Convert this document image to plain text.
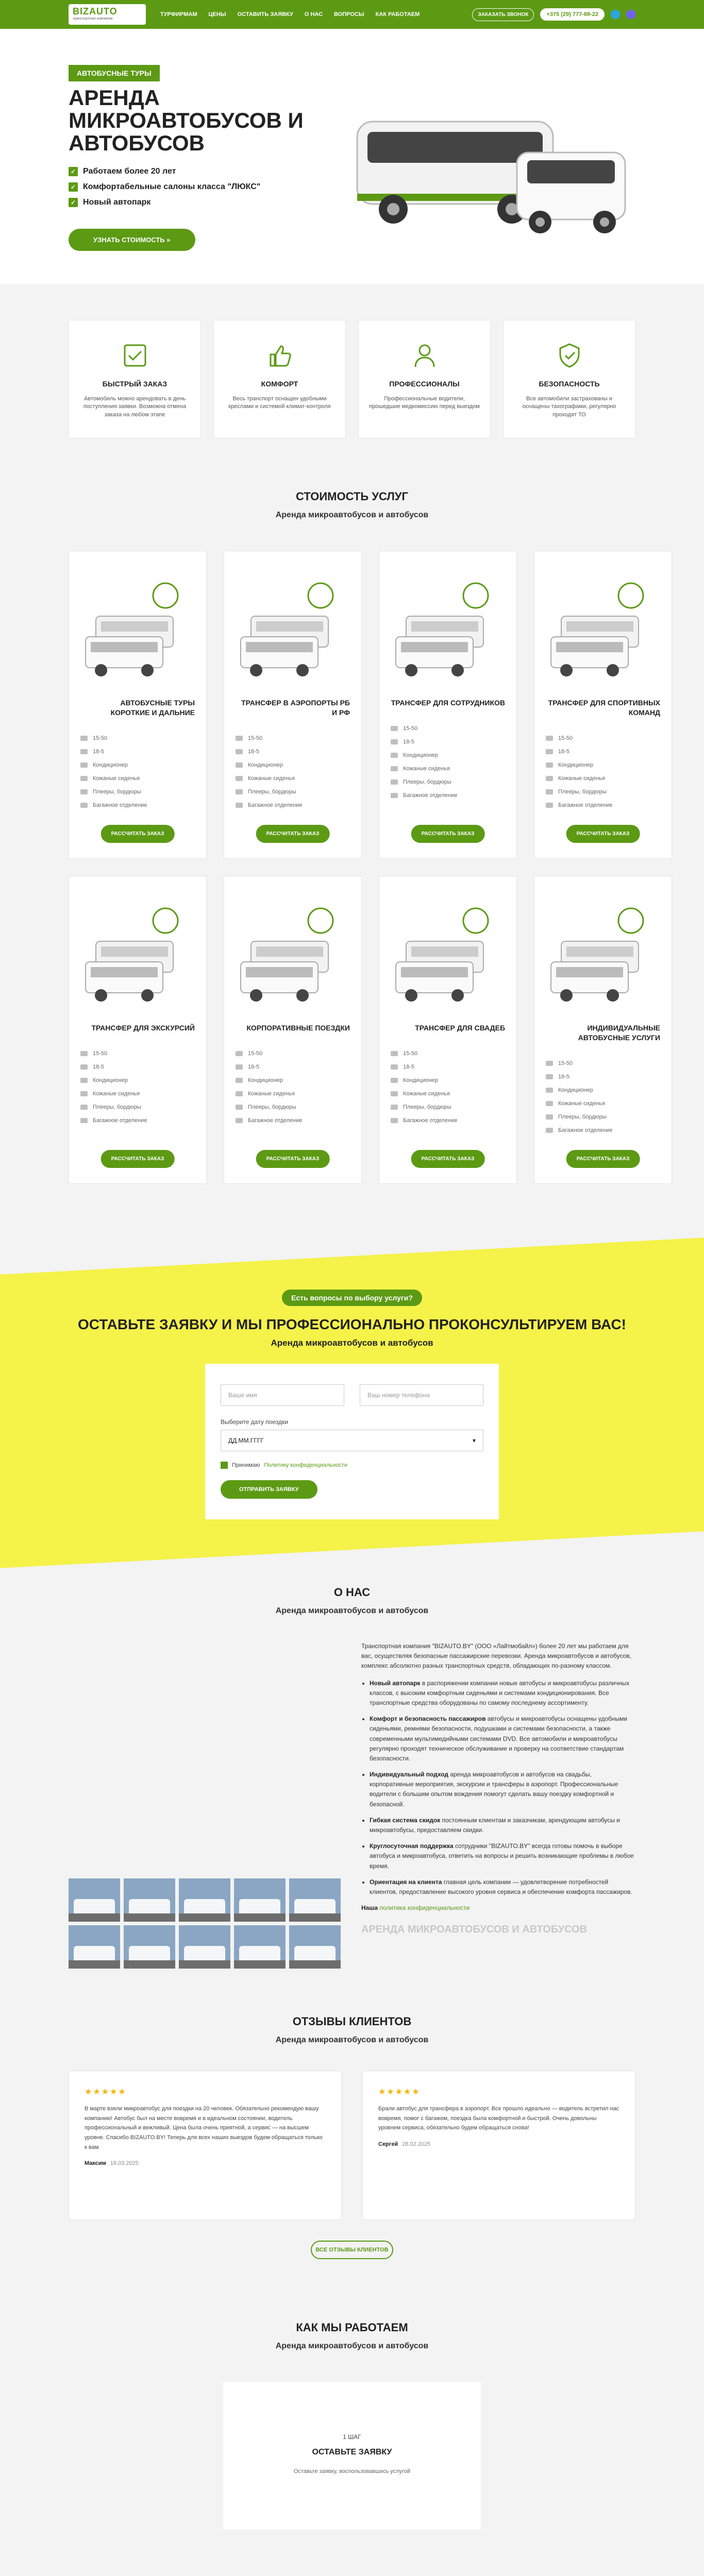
BIZAUTO
транспортная компания
ТУРФИРМАМ ЦЕНЫ ОСТАВИТЬ ЗАЯВКУ О НАС ВОПРОСЫ КАК РАБОТАЕМ	ЗАКАЗАТЬ ЗВОНОК	+375 (29) 777-88-22
АВТОБУСНЫЕ ТУРЫ
АРЕНДА МИКРОАВТОБУСОВ И АВТОБУСОВ
✓ Работаем более 20 лет
✓ Комфортабельные салоны класса "ЛЮКС"
✓ Новый автопарк
УЗНАТЬ СТОИМОСТЬ »
БЫСТРЫЙ ЗАКАЗ

Автомобиль можно арендовать в день поступления заявки. Возможна отмена заказа на любом этапе

КОМФОРТ

Весь транспорт оснащен удобными креслами и системой климат-контроля

ПРОФЕССИОНАЛЫ

Профессиональные водители, прошедшие медкомиссию перед выездом

БЕЗОПАСНОСТЬ

Все автомобили застрахованы и оснащены тахографами, регулярно проходят ТО

СТОИМОСТЬ УСЛУГ
Аренда микроавтобусов и автобусов
АВТОБУСНЫЕ ТУРЫ КОРОТКИЕ И ДАЛЬНИЕ
15-50
18-5
Кондиционер
Кожаные сиденья
Плееры, бордюры
Багажное отделение
РАССЧИТАТЬ ЗАКАЗ
ТРАНСФЕР В АЭРОПОРТЫ РБ И РФ
15-50
18-5
Кондиционер
Кожаные сиденья
Плееры, бордюры
Багажное отделение
РАССЧИТАТЬ ЗАКАЗ
ТРАНСФЕР ДЛЯ СОТРУДНИКОВ
15-50
18-5
Кондиционер
Кожаные сиденья
Плееры, бордюры
Багажное отделение
РАССЧИТАТЬ ЗАКАЗ
ТРАНСФЕР ДЛЯ СПОРТИВНЫХ КОМАНД
15-50
18-5
Кондиционер
Кожаные сиденья
Плееры, бордюры
Багажное отделение
РАССЧИТАТЬ ЗАКАЗ
ТРАНСФЕР ДЛЯ ЭКСКУРСИЙ
15-50
18-5
Кондиционер
Кожаные сиденья
Плееры, бордюры
Багажное отделение
РАССЧИТАТЬ ЗАКАЗ
КОРПОРАТИВНЫЕ ПОЕЗДКИ
15-50
18-5
Кондиционер
Кожаные сиденья
Плееры, бордюры
Багажное отделение
РАССЧИТАТЬ ЗАКАЗ
ТРАНСФЕР ДЛЯ СВАДЕБ
15-50
18-5
Кондиционер
Кожаные сиденья
Плееры, бордюры
Багажное отделение
РАССЧИТАТЬ ЗАКАЗ
ИНДИВИДУАЛЬНЫЕ АВТОБУСНЫЕ УСЛУГИ
15-50
18-5
Кондиционер
Кожаные сиденья
Плееры, бордюры
Багажное отделение
РАССЧИТАТЬ ЗАКАЗ
Есть вопросы по выбору услуги?
ОСТАВЬТЕ ЗАЯВКУ И МЫ ПРОФЕССИОНАЛЬНО ПРОКОНСУЛЬТИРУЕМ ВАС!
Аренда микроавтобусов и автобусов
Ваше имя	Ваш номер телефона
Выберите дату поездки
ДД.ММ.ГГГГ	▾
Принимаю Политику конфиденциальности
ОТПРАВИТЬ ЗАЯВКУ
О НАС
Аренда микроавтобусов и автобусов

Транспортная компания "BIZAUTO.BY" (ООО «Лайтмобайл») более 20 лет мы работаем для вас, осуществляя безопасные пассажирские перевозки. Аренда микроавтобусов и автобусов, комплекс абсолютно разных транспортных средств, обладающих по-разному классом.

• Новый автопарк в распоряжении компании новые автобусы и микроавтобусы различных классов, с высоким комфортным сиденьями и системами кондиционирования. Все транспортные средства оборудованы по самому последнему ассортименту.
• Комфорт и безопасность пассажиров автобусы и микроавтобусы оснащены удобными сиденьями, ремнями безопасности, подушками и системами безопасности, а также современными мультимедийными системами DVD. Все автомобили и микроавтобусы регулярно проходят техническое обслуживание и проверку на соответствие стандартам безопасности.
• Индивидуальный подход аренда микроавтобусов и автобусов на свадьбы, корпоративные мероприятия, экскурсии и трансферы в аэропорт. Профессиональные водители с большим опытом вождения помогут сделать вашу поездку комфортной и безопасной.
• Гибкая система скидок постоянным клиентам и заказчикам, арендующим автобусы и микроавтобусы, предоставляем скидки.
• Круглосуточная поддержка сотрудники "BIZAUTO.BY" всегда готовы помочь в выборе автобуса и микроавтобуса, ответить на вопросы и решить возникающие проблемы в любое время.
• Ориентация на клиента главная цель компании — удовлетворение потребностей клиентов, предоставление высокого уровня сервиса и обеспечение комфорта пассажиров.

Наша политика конфиденциальности

АРЕНДА МИКРОАВТОБУСОВ И АВТОБУСОВ
ОТЗЫВЫ КЛИЕНТОВ
Аренда микроавтобусов и автобусов
★★★★★

В марте взяли микроавтобус для поездки на 20 человек. Обязательно рекомендую вашу компанию! Автобус был на месте вовремя и в идеальном состоянии, водитель профессиональный и вежливый. Цена была очень приятной, а сервис — на высшем уровне. Спасибо BIZAUTO.BY! Теперь для всех наших выездов будем обращаться только к вам.

Максим 18.03.2025
★★★★★

Брали автобус для трансфера в аэропорт. Все прошло идеально — водитель встретил нас вовремя, помог с багажом, поездка была комфортной и быстрой. Очень довольны уровнем сервиса, обязательно будем обращаться снова!

Сергей 28.02.2025
ВСЕ ОТЗЫВЫ КЛИЕНТОВ
КАК МЫ РАБОТАЕМ
Аренда микроавтобусов и автобусов
1 ШАГ
ОСТАВЬТЕ ЗАЯВКУ
Оставьте заявку, воспользовавшись услугой
